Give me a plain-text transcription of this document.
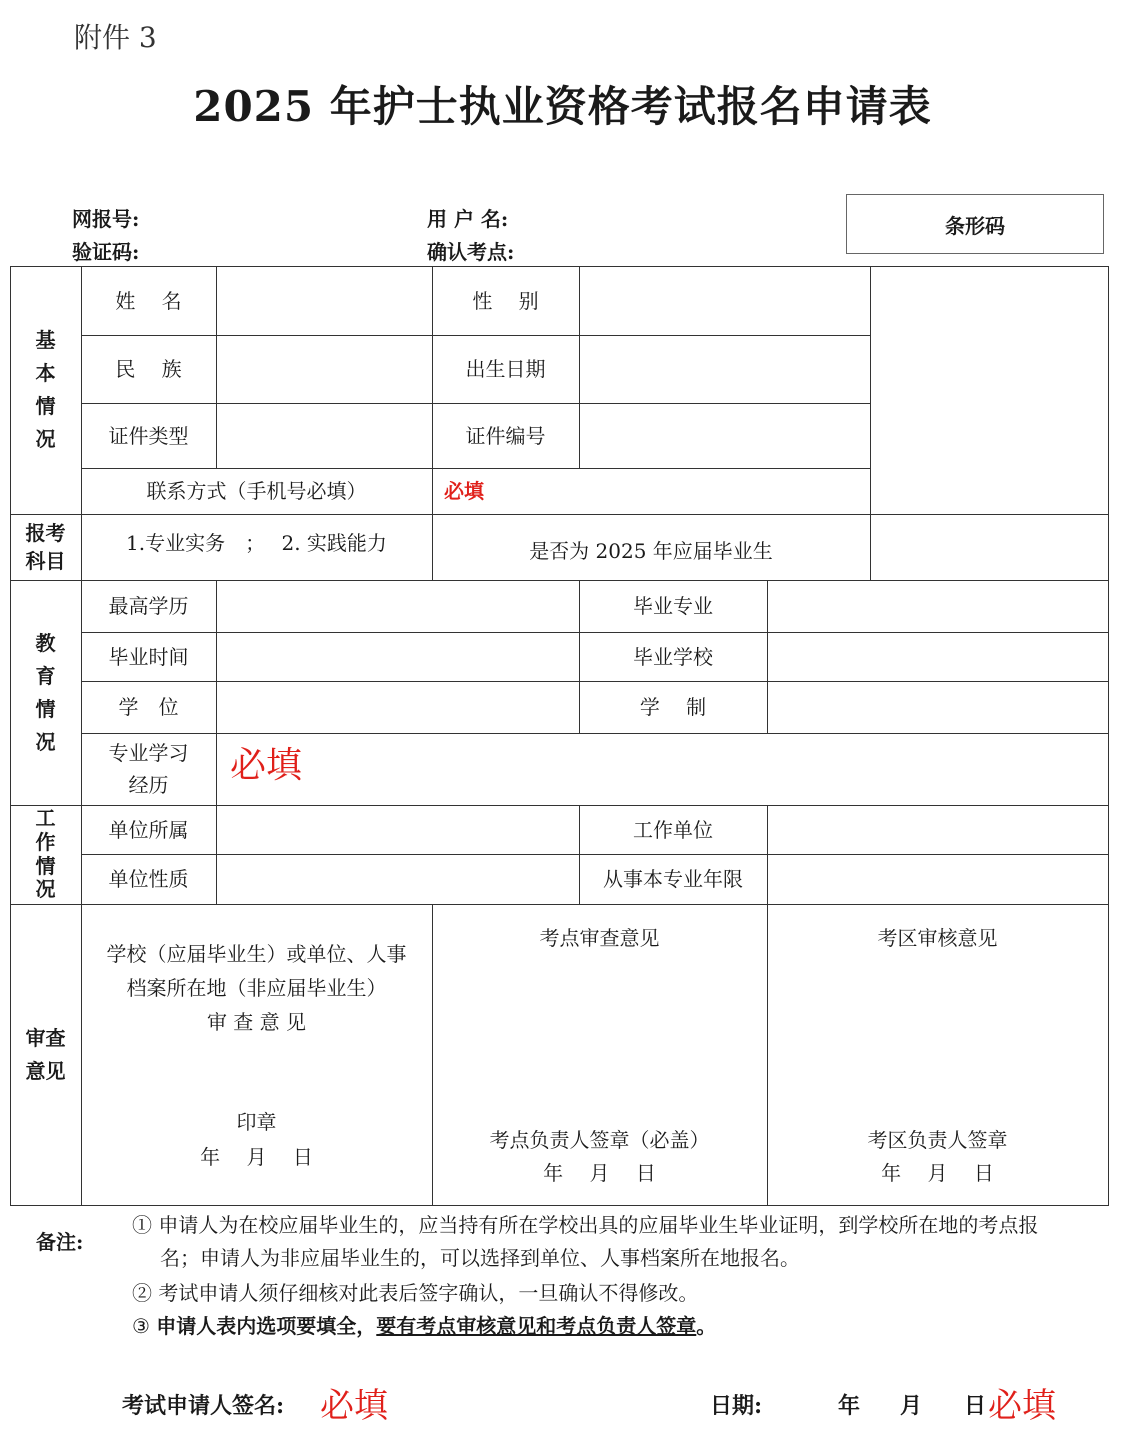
附件 3
2025 年护士执业资格考试报名申请表
网报号:
验证码:
用 户 名:
确认考点:
条形码
基
本
情
况
姓　 名	性　 别
民　 族	出生日期
证件类型	证件编号
联系方式（手机号必填）	必填
报考
科目
1.专业实务　；　 2. 实践能力	是否为 2025 年应届毕业生
教
育
情
况
最高学历	毕业专业
毕业时间	毕业学校
学　位	学　 制
专业学习
经历	必填
工
作
情
况
单位所属	工作单位
单位性质	从事本专业年限
审查
意见
学校（应届毕业生）或单位、人事
档案所在地（非应届毕业生）
审 查 意 见
印章
年　 月　 日
考点审查意见
考点负责人签章（必盖）
年　 月　 日
考区审核意见
考区负责人签章
年　 月　 日
备注:
① 申请人为在校应届毕业生的，应当持有所在学校出具的应届毕业生毕业证明，到学校所在地的考点报
名；申请人为非应届毕业生的，可以选择到单位、人事档案所在地报名。
② 考试申请人须仔细核对此表后签字确认，一旦确认不得修改。
③ 申请人表内选项要填全，要有考点审核意见和考点负责人签章。
考试申请人签名: 必填	日期:	年 月 日 必填
